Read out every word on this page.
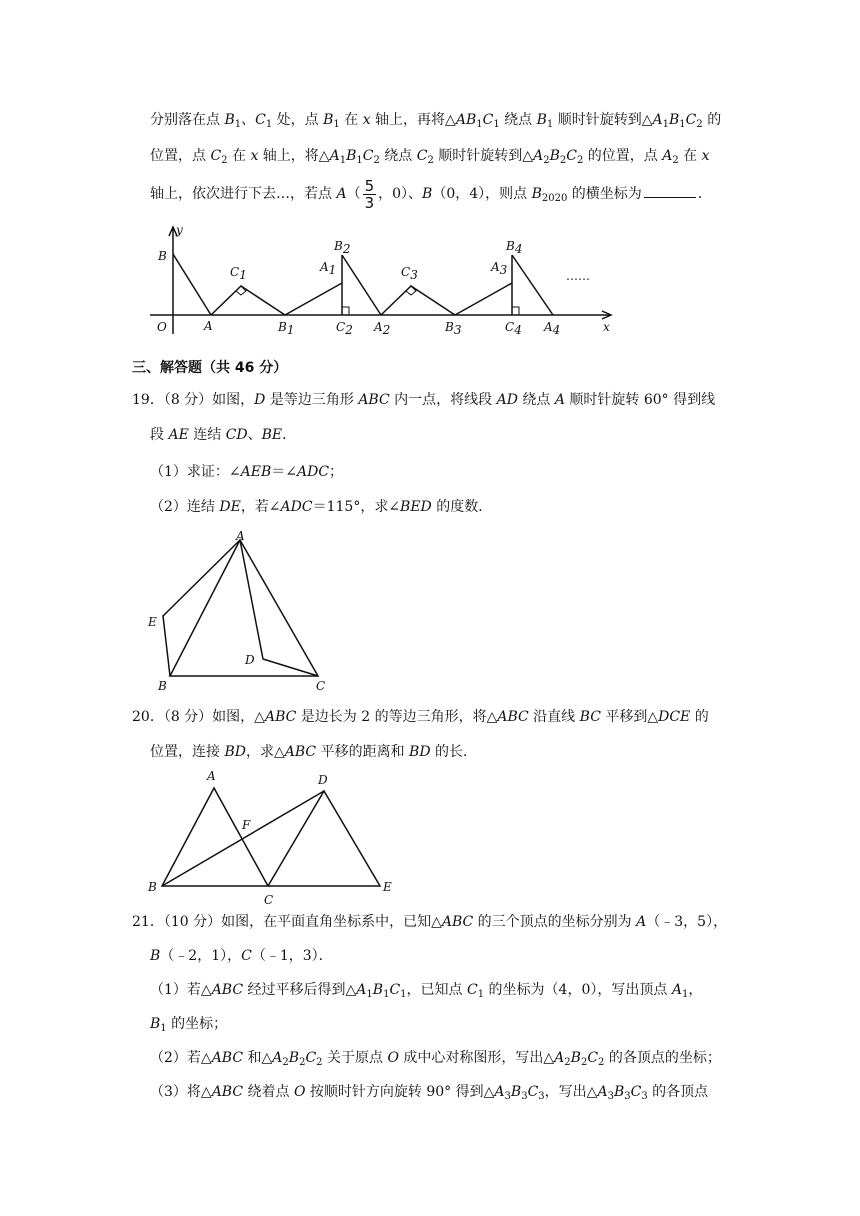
分别落在点 $B_1$、$C_1$ 处，点 $B_1$ 在 x 轴上，再将$\triangle AB_1C_1$ 绕点 $B_1$ 顺时针旋转到$\triangle A_1B_1C_2$ 的
位置，点 $C_2$ 在 x 轴上，将$\triangle A_1B_1C_2$ 绕点 $C_2$ 顺时针旋转到$\triangle A_2B_2C_2$ 的位置，点 $A_2$ 在 x
轴上，依次进行下去…，若点 $A( \frac{5}{3}$ ，0）、B（0，4），则点 $B_{2020}$ 的横坐标为	．
y
x
O
B
A
C1
B1
A1
B2
C2 A2
C3
B3
A3
B4
C4 A4
……
三、解答题（共 46 分）
19．（8 分）如图，D 是等边三角形 ABC 内一点，将线段 AD 绕点 A 顺时针旋转 60° 得到线
段 AE 连结 CD、BE．
（1）求证：∠AEB＝∠ADC；
（2）连结 DE，若∠ADC＝115°，求∠BED 的度数．
A
E
D
B	C
20．（8 分）如图，△ABC 是边长为 2 的等边三角形，将△ABC 沿直线 BC 平移到△DCE 的
位置，连接 BD，求△ABC 平移的距离和 BD 的长．
A	D
F
B
C
E
21．（10 分）如图，在平面直角坐标系中，已知△ABC 的三个顶点的坐标分别为 A（﹣3，5），
B（﹣2，1），C（﹣1，3）．
（1）若△ABC 经过平移后得到$\triangle A_1B_1C_1$，已知点 $C_1$ 的坐标为（4，0），写出顶点 $A_1$，
$B_1$ 的坐标；
（2）若△ABC 和$\triangle A_2B_2C_2$ 关于原点 O 成中心对称图形，写出$\triangle A_2B_2C_2$ 的各顶点的坐标；
（3）将△ABC 绕着点 O 按顺时针方向旋转 90° 得到$\triangle A_3B_3C_3$，写出$\triangle A_3B_3C_3$ 的各顶点
